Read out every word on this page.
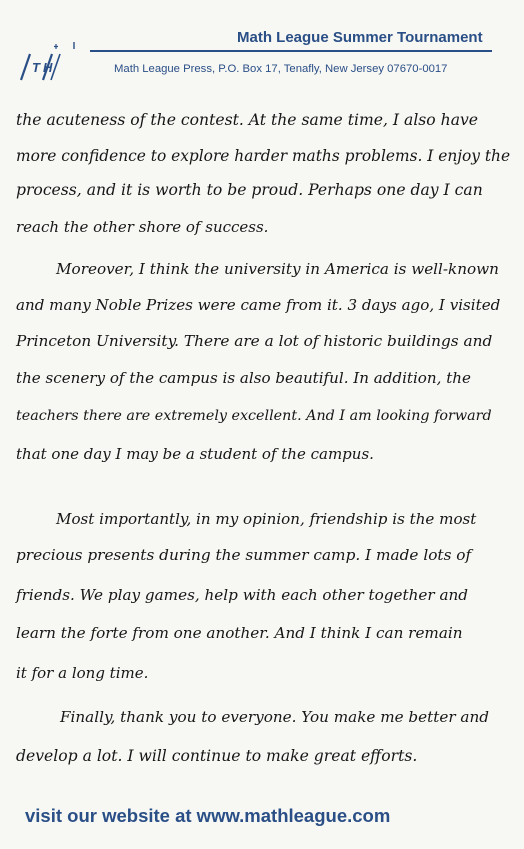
T H
Math League Summer Tournament
Math League Press, P.O. Box 17, Tenafly, New Jersey 07670-0017
the acuteness of the contest. At the same time, I also have
more confidence to explore harder maths problems. I enjoy the
process, and it is worth to be proud. Perhaps one day I can
reach the other shore of success.
Moreover, I think the university in America is well-known
and many Noble Prizes were came from it. 3 days ago, I visited
Princeton University. There are a lot of historic buildings and
the scenery of the campus is also beautiful. In addition, the
teachers there are extremely excellent. And I am looking forward
that one day I may be a student of the campus.
Most importantly, in my opinion, friendship is the most
precious presents during the summer camp. I made lots of
friends. We play games, help with each other together and
learn the forte from one another. And I think I can remain
it for a long time.
Finally, thank you to everyone. You make me better and
develop a lot. I will continue to make great efforts.
visit our website at www.mathleague.com
